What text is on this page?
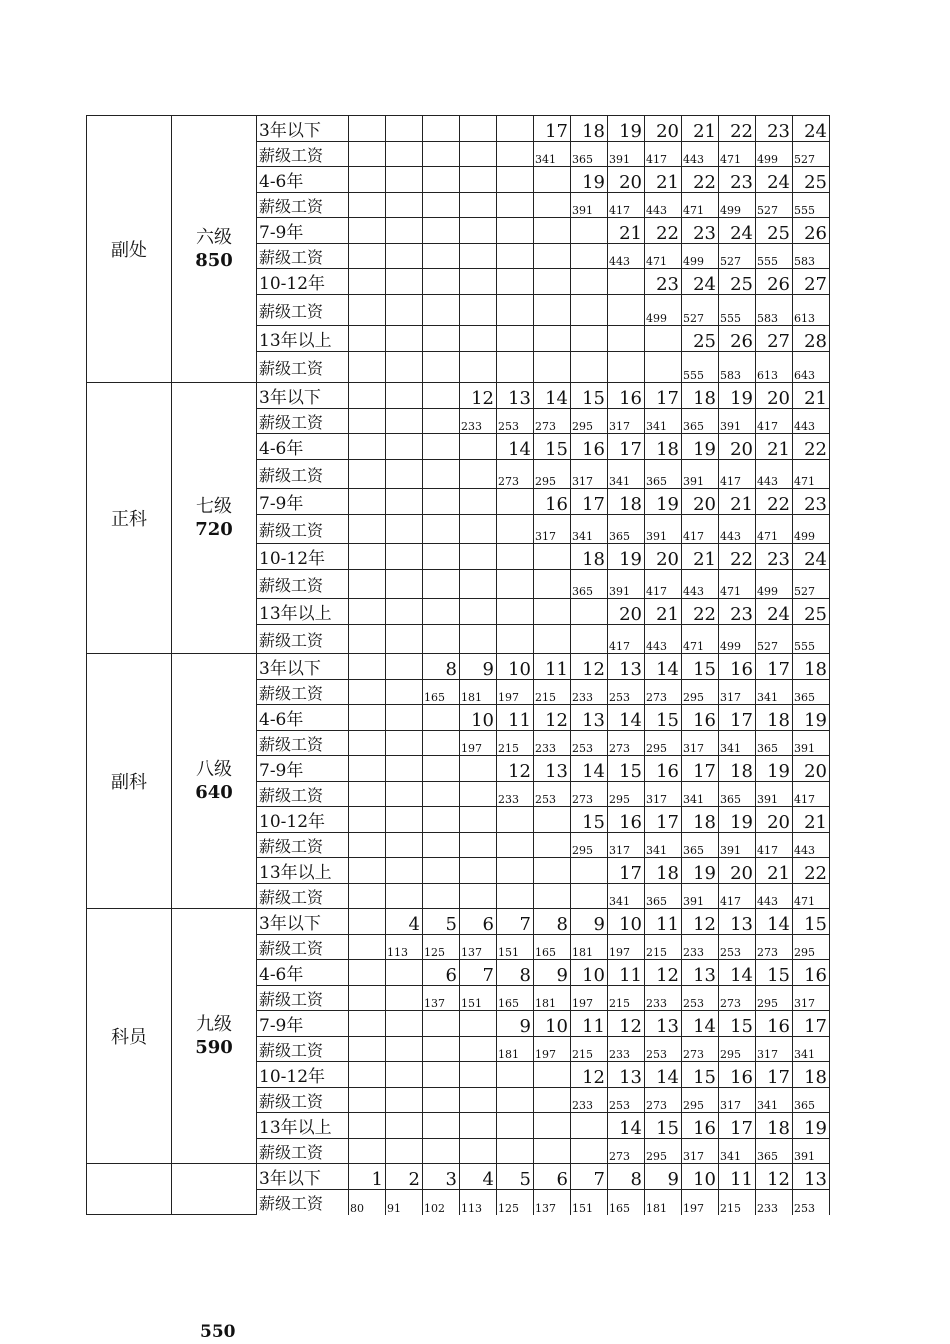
副处	六级
850	3年以下						17	18	19	20	21	22	23	24
		薪级工资						341	365	391	417	443	471	499	527
		4-6年							19	20	21	22	23	24	25
		薪级工资							391	417	443	471	499	527	555
		7-9年								21	22	23	24	25	26
		薪级工资								443	471	499	527	555	583
		10-12年									23	24	25	26	27
		薪级工资									499	527	555	583	613
		13年以上										25	26	27	28
		薪级工资										555	583	613	643
正科	七级
720	3年以下				12	13	14	15	16	17	18	19	20	21
		薪级工资				233	253	273	295	317	341	365	391	417	443
		4-6年					14	15	16	17	18	19	20	21	22
		薪级工资					273	295	317	341	365	391	417	443	471
		7-9年						16	17	18	19	20	21	22	23
		薪级工资						317	341	365	391	417	443	471	499
		10-12年							18	19	20	21	22	23	24
		薪级工资							365	391	417	443	471	499	527
		13年以上								20	21	22	23	24	25
		薪级工资								417	443	471	499	527	555
副科	八级
640	3年以下			8	9	10	11	12	13	14	15	16	17	18
		薪级工资			165	181	197	215	233	253	273	295	317	341	365
		4-6年				10	11	12	13	14	15	16	17	18	19
		薪级工资				197	215	233	253	273	295	317	341	365	391
		7-9年					12	13	14	15	16	17	18	19	20
		薪级工资					233	253	273	295	317	341	365	391	417
		10-12年							15	16	17	18	19	20	21
		薪级工资							295	317	341	365	391	417	443
		13年以上								17	18	19	20	21	22
		薪级工资								341	365	391	417	443	471
科员	九级
590	3年以下		4	5	6	7	8	9	10	11	12	13	14	15
		薪级工资		113	125	137	151	165	181	197	215	233	253	273	295
		4-6年			6	7	8	9	10	11	12	13	14	15	16
		薪级工资			137	151	165	181	197	215	233	253	273	295	317
		7-9年					9	10	11	12	13	14	15	16	17
		薪级工资					181	197	215	233	253	273	295	317	341
		10-12年							12	13	14	15	16	17	18
		薪级工资							233	253	273	295	317	341	365
		13年以上								14	15	16	17	18	19
		薪级工资								273	295	317	341	365	391

	3年以下	1	2	3	4	5	6	7	8	9	10	11	12	13
		薪级工资	80	91	102	113	125	137	151	165	181	197	215	233	253

550
